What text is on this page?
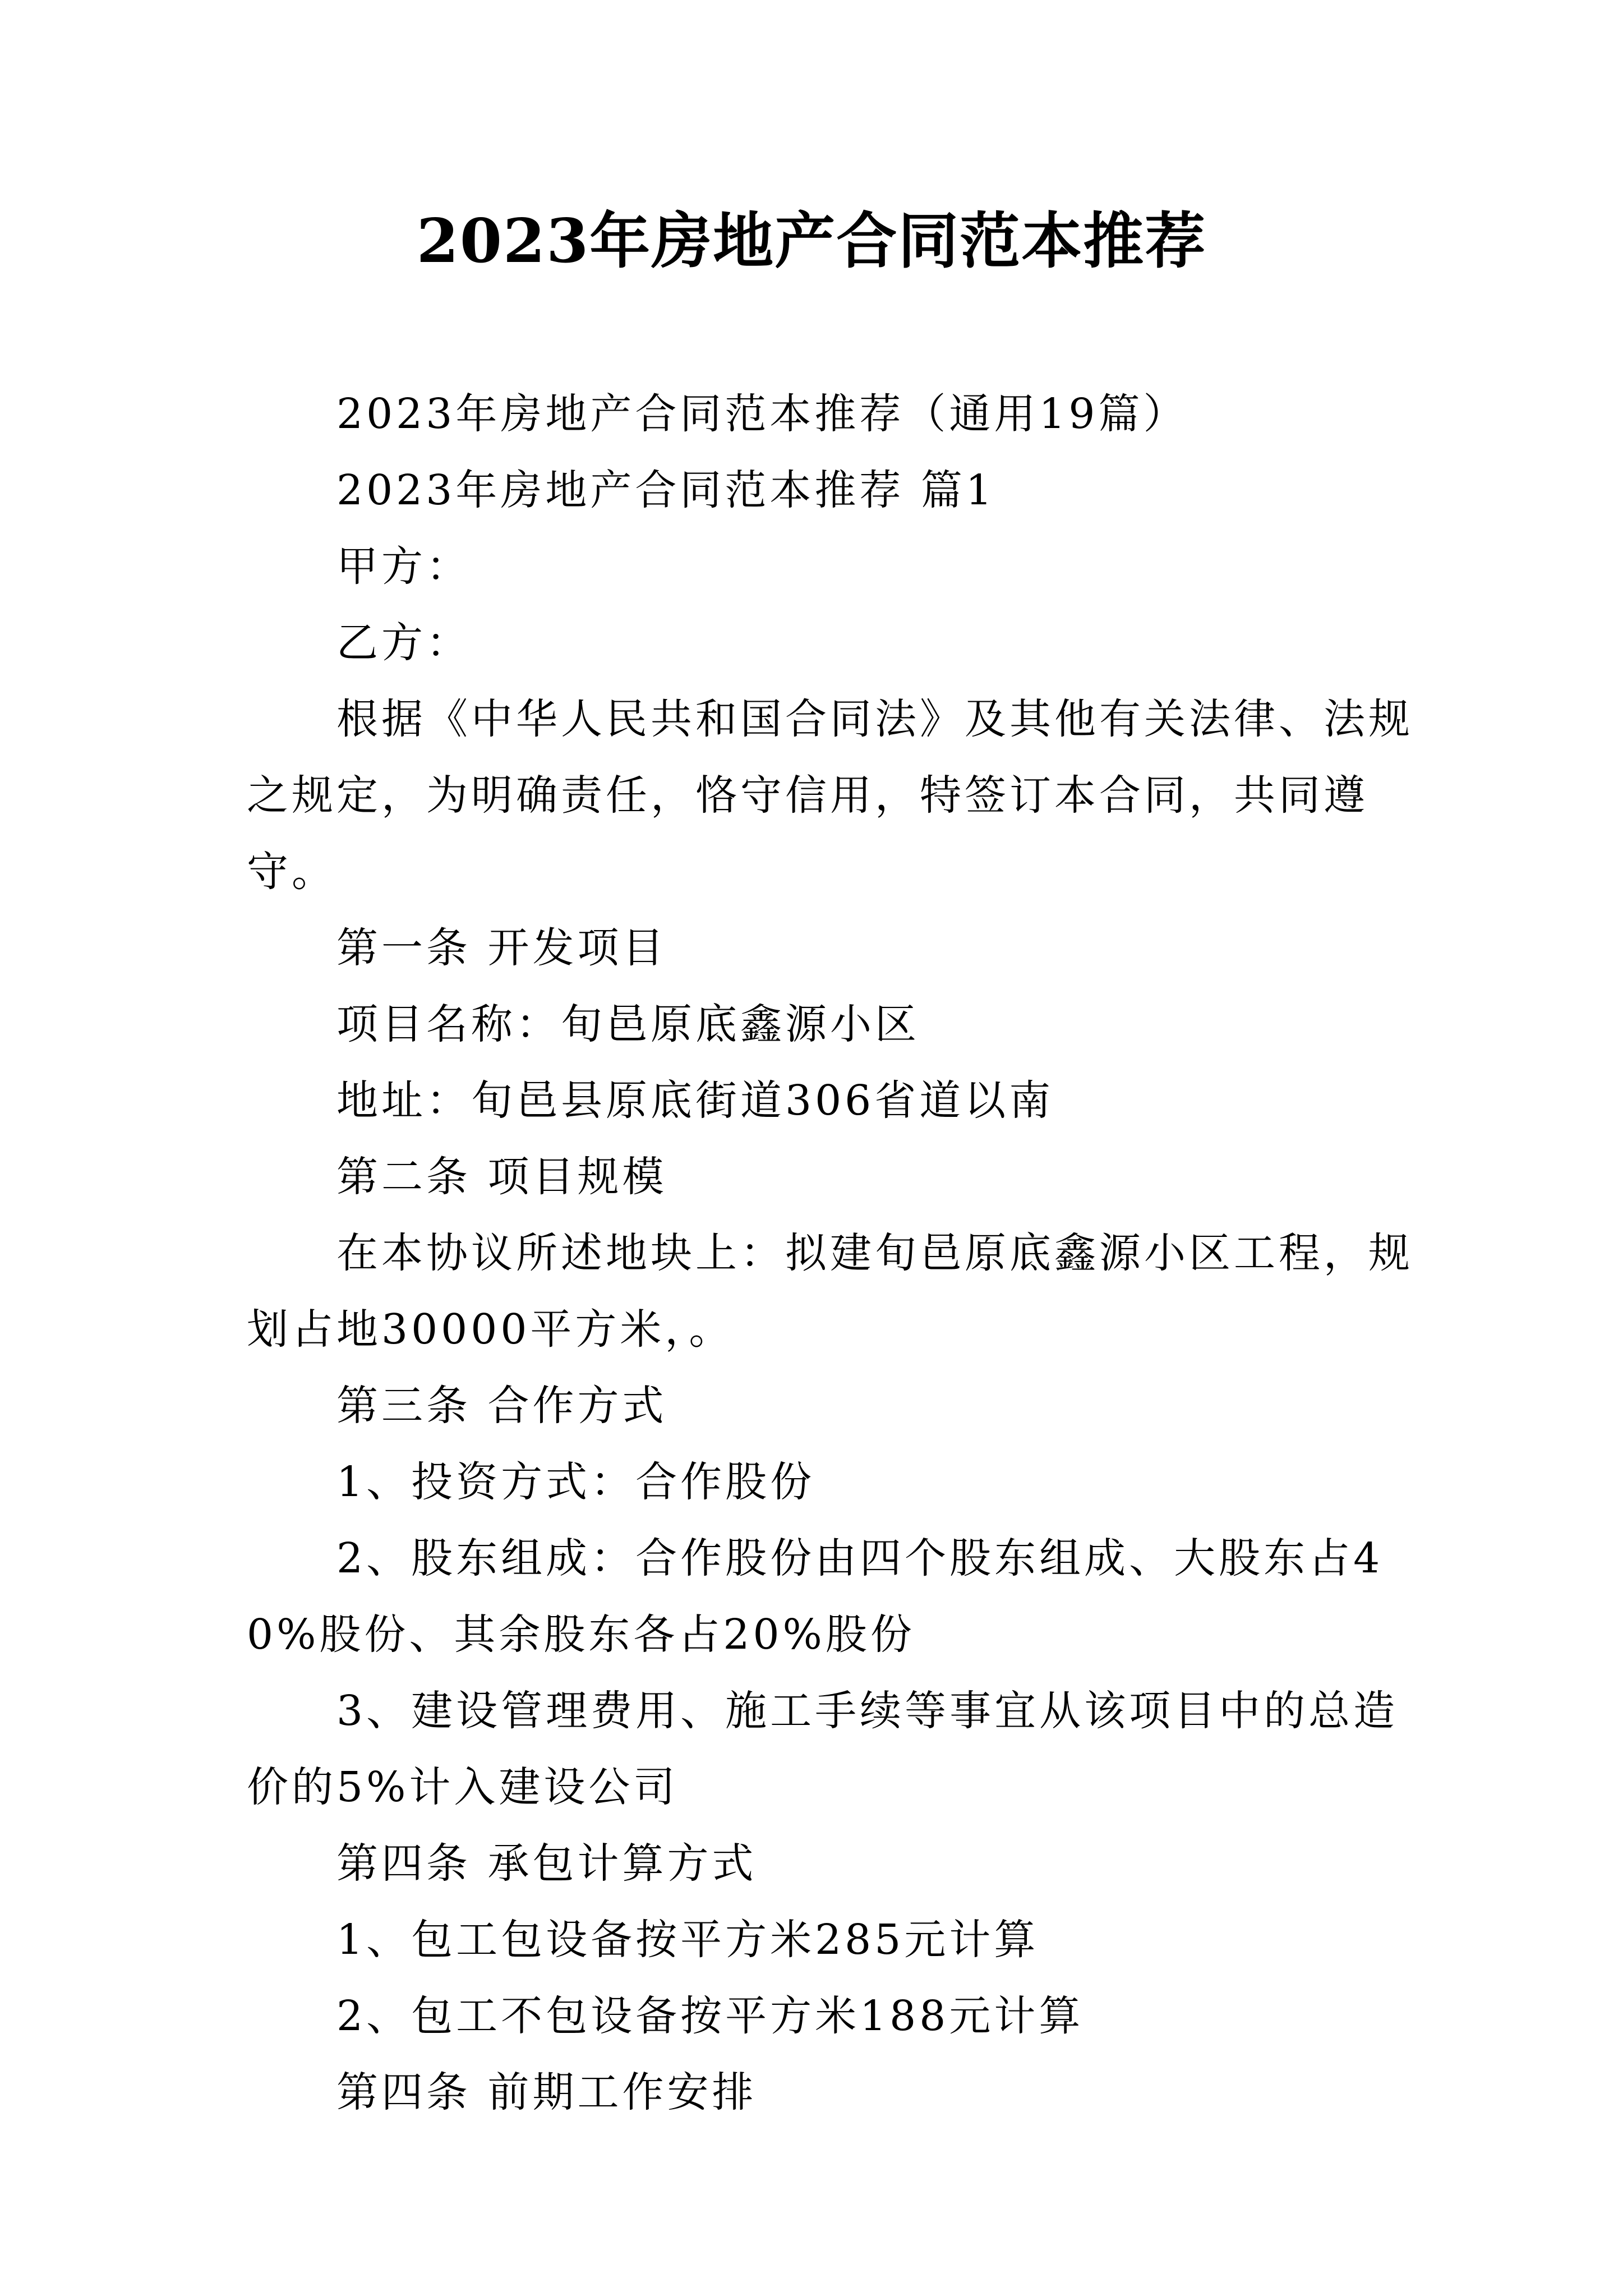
2023年房地产合同范本推荐

2023年房地产合同范本推荐（通用19篇）

2023年房地产合同范本推荐 篇1

甲方：

乙方：

根据《中华人民共和国合同法》及其他有关法律、法规之规定，为明确责任，恪守信用，特签订本合同，共同遵守。

第一条 开发项目

项目名称：旬邑原底鑫源小区

地址：旬邑县原底街道306省道以南

第二条 项目规模

在本协议所述地块上：拟建旬邑原底鑫源小区工程，规划占地30000平方米，。

第三条 合作方式

1、投资方式：合作股份

2、股东组成：合作股份由四个股东组成、大股东占40%股份、其余股东各占20%股份

3、建设管理费用、施工手续等事宜从该项目中的总造价的5%计入建设公司

第四条 承包计算方式

1、包工包设备按平方米285元计算

2、包工不包设备按平方米188元计算

第四条 前期工作安排
